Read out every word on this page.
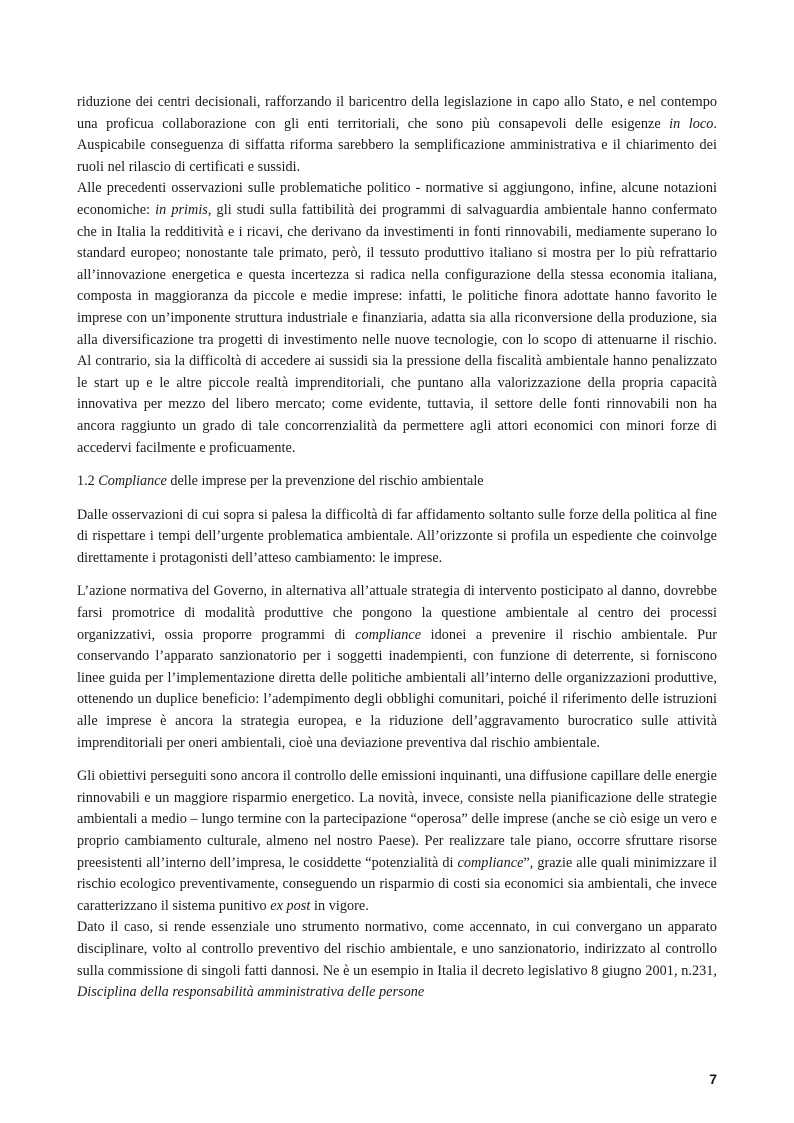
riduzione dei centri decisionali, rafforzando il baricentro della legislazione in capo allo Stato, e nel contempo una proficua collaborazione con gli enti territoriali, che sono più consapevoli delle esigenze in loco. Auspicabile conseguenza di siffatta riforma sarebbero la semplificazione amministrativa e il chiarimento dei ruoli nel rilascio di certificati e sussidi.

Alle precedenti osservazioni sulle problematiche politico - normative si aggiungono, infine, alcune notazioni economiche: in primis, gli studi sulla fattibilità dei programmi di salvaguardia ambientale hanno confermato che in Italia la redditività e i ricavi, che derivano da investimenti in fonti rinnovabili, mediamente superano lo standard europeo; nonostante tale primato, però, il tessuto produttivo italiano si mostra per lo più refrattario all’innovazione energetica e questa incertezza si radica nella configurazione della stessa economia italiana, composta in maggioranza da piccole e medie imprese: infatti, le politiche finora adottate hanno favorito le imprese con un’imponente struttura industriale e finanziaria, adatta sia alla riconversione della produzione, sia alla diversificazione tra progetti di investimento nelle nuove tecnologie, con lo scopo di attenuarne il rischio. Al contrario, sia la difficoltà di accedere ai sussidi sia la pressione della fiscalità ambientale hanno penalizzato le start up e le altre piccole realtà imprenditoriali, che puntano alla valorizzazione della propria capacità innovativa per mezzo del libero mercato; come evidente, tuttavia, il settore delle fonti rinnovabili non ha ancora raggiunto un grado di tale concorrenzialità da permettere agli attori economici con minori forze di accedervi facilmente e proficuamente.

1.2 Compliance delle imprese per la prevenzione del rischio ambientale

Dalle osservazioni di cui sopra si palesa la difficoltà di far affidamento soltanto sulle forze della politica al fine di rispettare i tempi dell’urgente problematica ambientale. All’orizzonte si profila un espediente che coinvolge direttamente i protagonisti dell’atteso cambiamento: le imprese.

L’azione normativa del Governo, in alternativa all’attuale strategia di intervento posticipato al danno, dovrebbe farsi promotrice di modalità produttive che pongono la questione ambientale al centro dei processi organizzativi, ossia proporre programmi di compliance idonei a prevenire il rischio ambientale. Pur conservando l’apparato sanzionatorio per i soggetti inadempienti, con funzione di deterrente, si forniscono linee guida per l’implementazione diretta delle politiche ambientali all’interno delle organizzazioni produttive, ottenendo un duplice beneficio: l’adempimento degli obblighi comunitari, poiché il riferimento delle istruzioni alle imprese è ancora la strategia europea, e la riduzione dell’aggravamento burocratico sulle attività imprenditoriali per oneri ambientali, cioè una deviazione preventiva dal rischio ambientale.

Gli obiettivi perseguiti sono ancora il controllo delle emissioni inquinanti, una diffusione capillare delle energie rinnovabili e un maggiore risparmio energetico. La novità, invece, consiste nella pianificazione delle strategie ambientali a medio – lungo termine con la partecipazione “operosa” delle imprese (anche se ciò esige un vero e proprio cambiamento culturale, almeno nel nostro Paese). Per realizzare tale piano, occorre sfruttare risorse preesistenti all’interno dell’impresa, le cosiddette “potenzialità di compliance”, grazie alle quali minimizzare il rischio ecologico preventivamente, conseguendo un risparmio di costi sia economici sia ambientali, che invece caratterizzano il sistema punitivo ex post in vigore.

Dato il caso, si rende essenziale uno strumento normativo, come accennato, in cui convergano un apparato disciplinare, volto al controllo preventivo del rischio ambientale, e uno sanzionatorio, indirizzato al controllo sulla commissione di singoli fatti dannosi. Ne è un esempio in Italia il decreto legislativo 8 giugno 2001, n.231, Disciplina della responsabilità amministrativa delle persone

7
